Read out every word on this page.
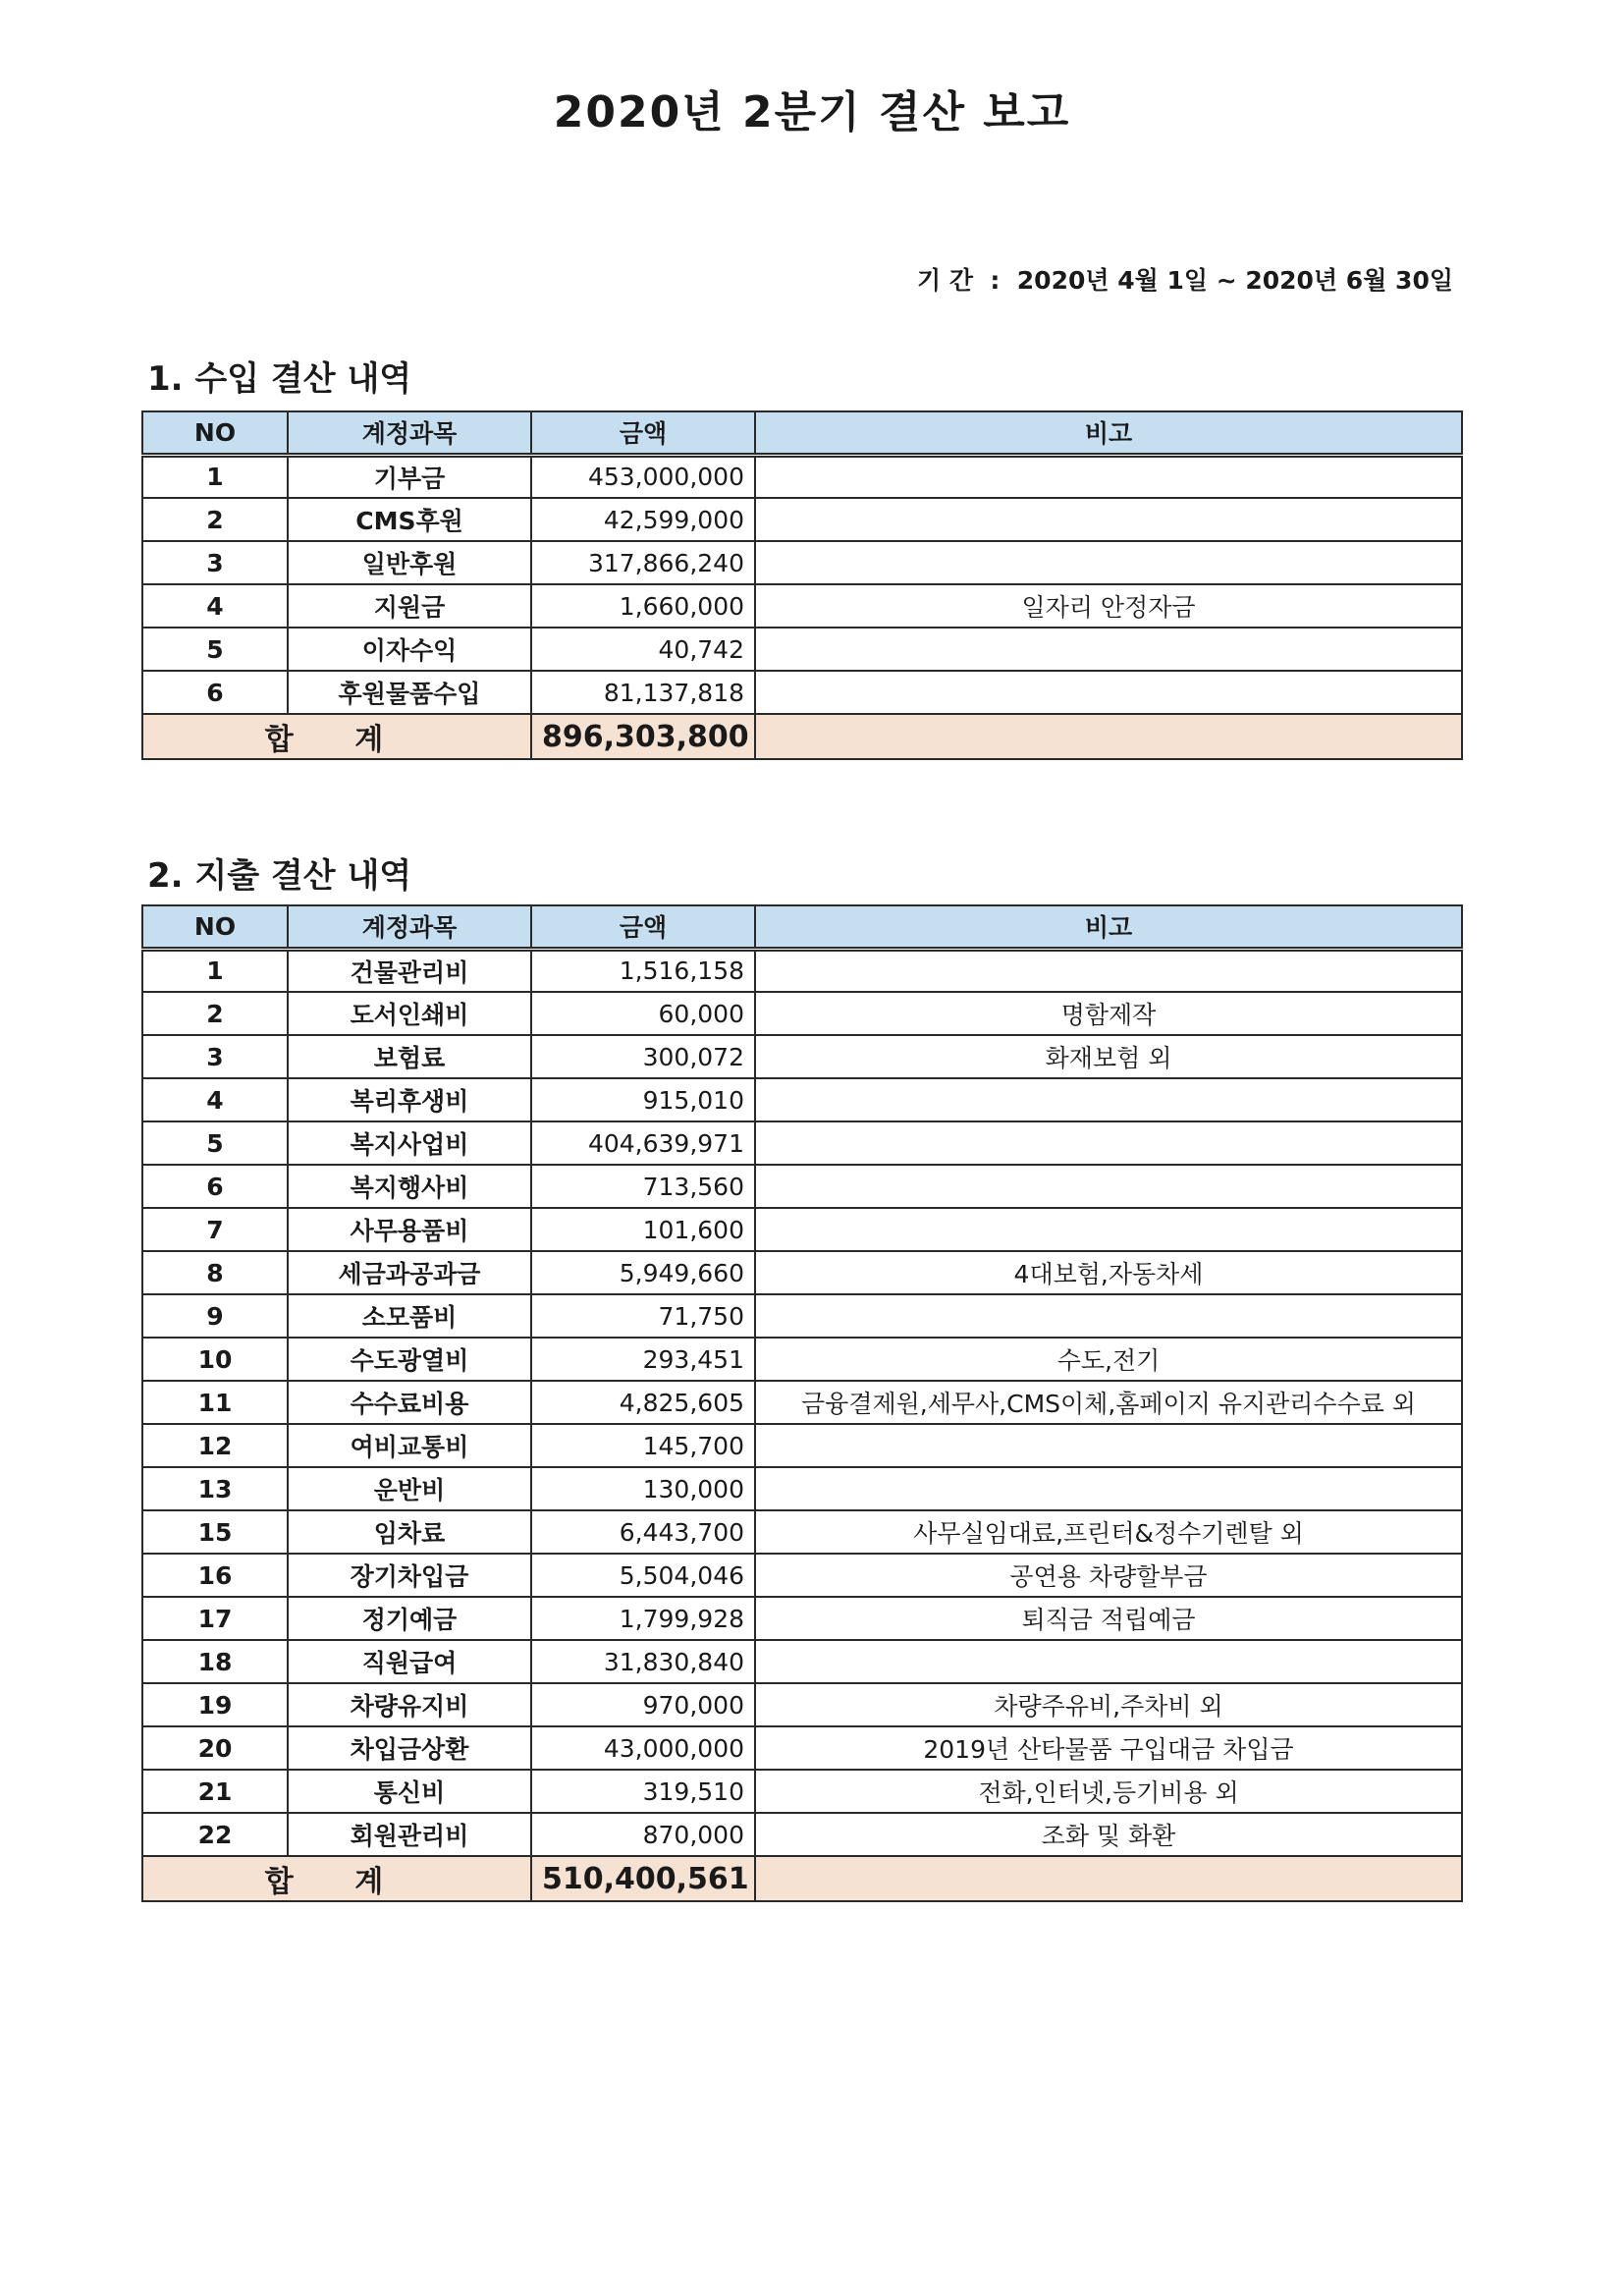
2020년 2분기 결산 보고
기 간  :  2020년 4월 1일 ~ 2020년 6월 30일
1. 수입 결산 내역
NO	계정과목	금액	비고
1	기부금	453,000,000	
2	CMS후원	42,599,000	
3	일반후원	317,866,240	
4	지원금	1,660,000	일자리 안정자금
5	이자수익	40,742	
6	후원물품수입	81,137,818	
합 계		896,303,800	
2. 지출 결산 내역
NO	계정과목	금액	비고
1	건물관리비	1,516,158	
2	도서인쇄비	60,000	명함제작
3	보험료	300,072	화재보험 외
4	복리후생비	915,010	
5	복지사업비	404,639,971	
6	복지행사비	713,560	
7	사무용품비	101,600	
8	세금과공과금	5,949,660	4대보험,자동차세
9	소모품비	71,750	
10	수도광열비	293,451	수도,전기
11	수수료비용	4,825,605	금융결제원,세무사,CMS이체,홈페이지 유지관리수수료 외
12	여비교통비	145,700	
13	운반비	130,000	
15	임차료	6,443,700	사무실임대료,프린터&정수기렌탈 외
16	장기차입금	5,504,046	공연용 차량할부금
17	정기예금	1,799,928	퇴직금 적립예금
18	직원급여	31,830,840	
19	차량유지비	970,000	차량주유비,주차비 외
20	차입금상환	43,000,000	2019년 산타물품 구입대금 차입금
21	통신비	319,510	전화,인터넷,등기비용 외
22	회원관리비	870,000	조화 및 화환
합 계		510,400,561	
